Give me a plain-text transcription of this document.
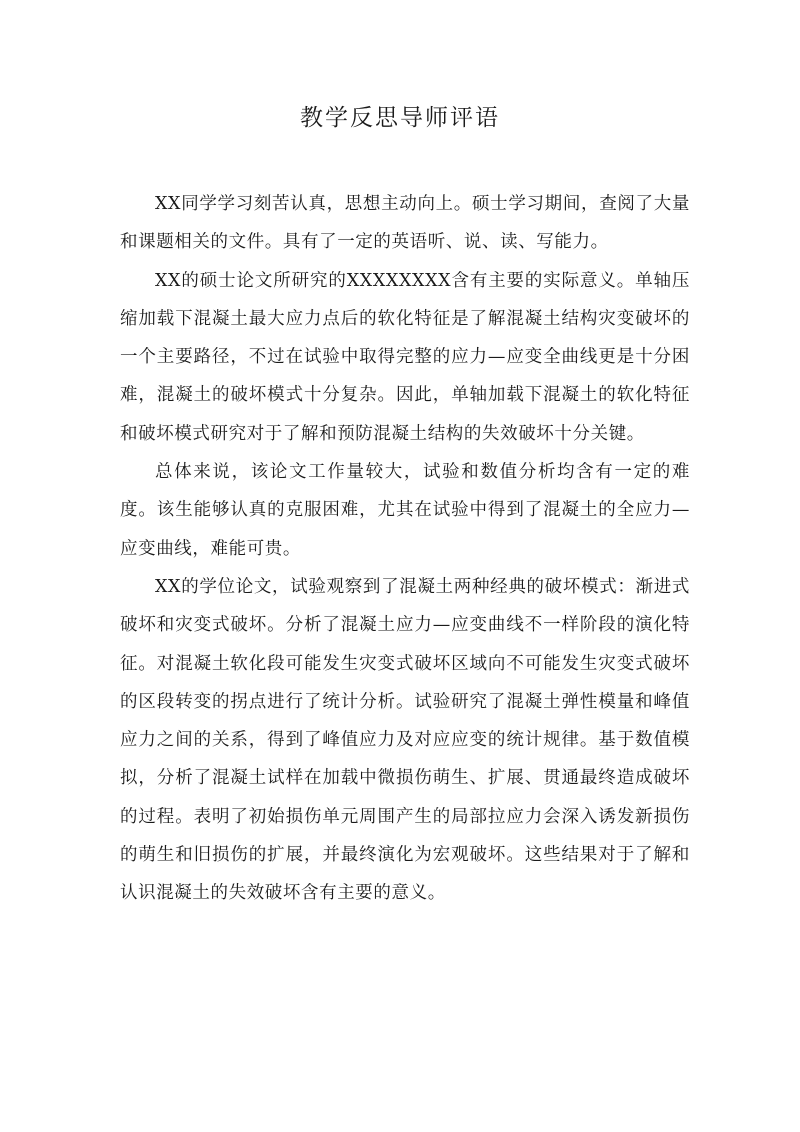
教学反思导师评语

XX同学学习刻苦认真，思想主动向上。硕士学习期间，查阅了大量和课题相关的文件。具有了一定的英语听、说、读、写能力。

XX的硕士论文所研究的XXXXXXXX含有主要的实际意义。单轴压缩加载下混凝土最大应力点后的软化特征是了解混凝土结构灾变破坏的一个主要路径，不过在试验中取得完整的应力—应变全曲线更是十分困难，混凝土的破坏模式十分复杂。因此，单轴加载下混凝土的软化特征和破坏模式研究对于了解和预防混凝土结构的失效破坏十分关键。

总体来说，该论文工作量较大，试验和数值分析均含有一定的难度。该生能够认真的克服困难，尤其在试验中得到了混凝土的全应力—应变曲线，难能可贵。

XX的学位论文，试验观察到了混凝土两种经典的破坏模式：渐进式破坏和灾变式破坏。分析了混凝土应力—应变曲线不一样阶段的演化特征。对混凝土软化段可能发生灾变式破坏区域向不可能发生灾变式破坏的区段转变的拐点进行了统计分析。试验研究了混凝土弹性模量和峰值应力之间的关系，得到了峰值应力及对应应变的统计规律。基于数值模拟，分析了混凝土试样在加载中微损伤萌生、扩展、贯通最终造成破坏的过程。表明了初始损伤单元周围产生的局部拉应力会深入诱发新损伤的萌生和旧损伤的扩展，并最终演化为宏观破坏。这些结果对于了解和认识混凝土的失效破坏含有主要的意义。
